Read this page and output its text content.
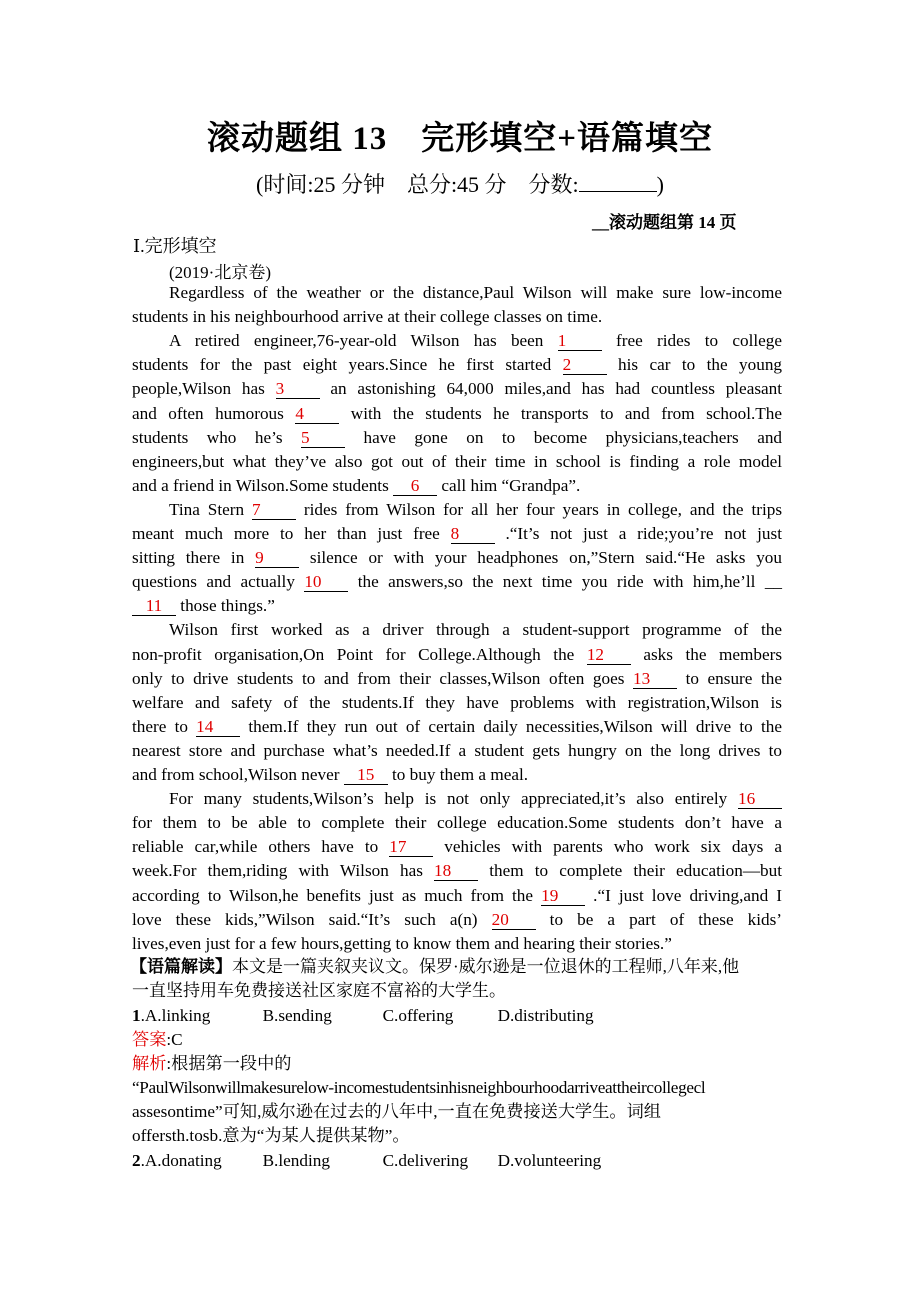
滚动题组 13　完形填空+语篇填空
(时间:25 分钟　总分:45 分　分数:	)
__滚动题组第 14 页
Ⅰ.完形填空
(2019·北京卷)
Regardless of the weather or the distance,Paul Wilson will make sure low-income
students in his neighbourhood arrive at their college classes on time.
A retired engineer,76-year-old Wilson has been 1	free rides to college
students for the past eight years.Since he first started 2	his car to the young
people,Wilson has 3	an astonishing 64,000 miles,and has had countless pleasant
and often humorous 4	with the students he transports to and from school.The
students who he’s 5	have gone on to become physicians,teachers and
engineers,but what they’ve also got out of their time in school is finding a role model
and a friend in Wilson.Some students 6 call him “Grandpa”.
Tina Stern 7	rides from Wilson for all her four years in college, and the trips
meant much more to her than just free 8	.“It’s not just a ride;you’re not just
sitting there in 9	silence or with your headphones on,”Stern said.“He asks you
questions and actually 10 the answers,so the next time you ride with him,he’ll __
11 those things.”
Wilson first worked as a driver through a student-support programme of the
non-profit organisation,On Point for College.Although the 12 asks the members
only to drive students to and from their classes,Wilson often goes 13 to ensure the
welfare and safety of the students.If they have problems with registration,Wilson is
there to 14 them.If they run out of certain daily necessities,Wilson will drive to the
nearest store and purchase what’s needed.If a student gets hungry on the long drives to
and from school,Wilson never 15 to buy them a meal.
For many students,Wilson’s help is not only appreciated,it’s also entirely 16
for them to be able to complete their college education.Some students don’t have a
reliable car,while others have to 17 vehicles with parents who work six days a
week.For them,riding with Wilson has 18 them to complete their education—but
according to Wilson,he benefits just as much from the 19 .“I just love driving,and I
love these kids,”Wilson said.“It’s such a(n) 20 to be a part of these kids’
lives,even just for a few hours,getting to know them and hearing their stories.”
【语篇解读】本文是一篇夹叙夹议文。保罗·威尔逊是一位退休的工程师,八年来,他
一直坚持用车免费接送社区家庭不富裕的大学生。
1.A.linking	B.sending	C.offering	D.distributing
答案:C
解析:根据第一段中的
“PaulWilsonwillmakesurelow-incomestudentsinhisneighbourhoodarriveattheircollegecl
assesontime”可知,威尔逊在过去的八年中,一直在免费接送大学生。词组
offersth.tosb.意为“为某人提供某物”。
2.A.donating B.lending	C.delivering D.volunteering
